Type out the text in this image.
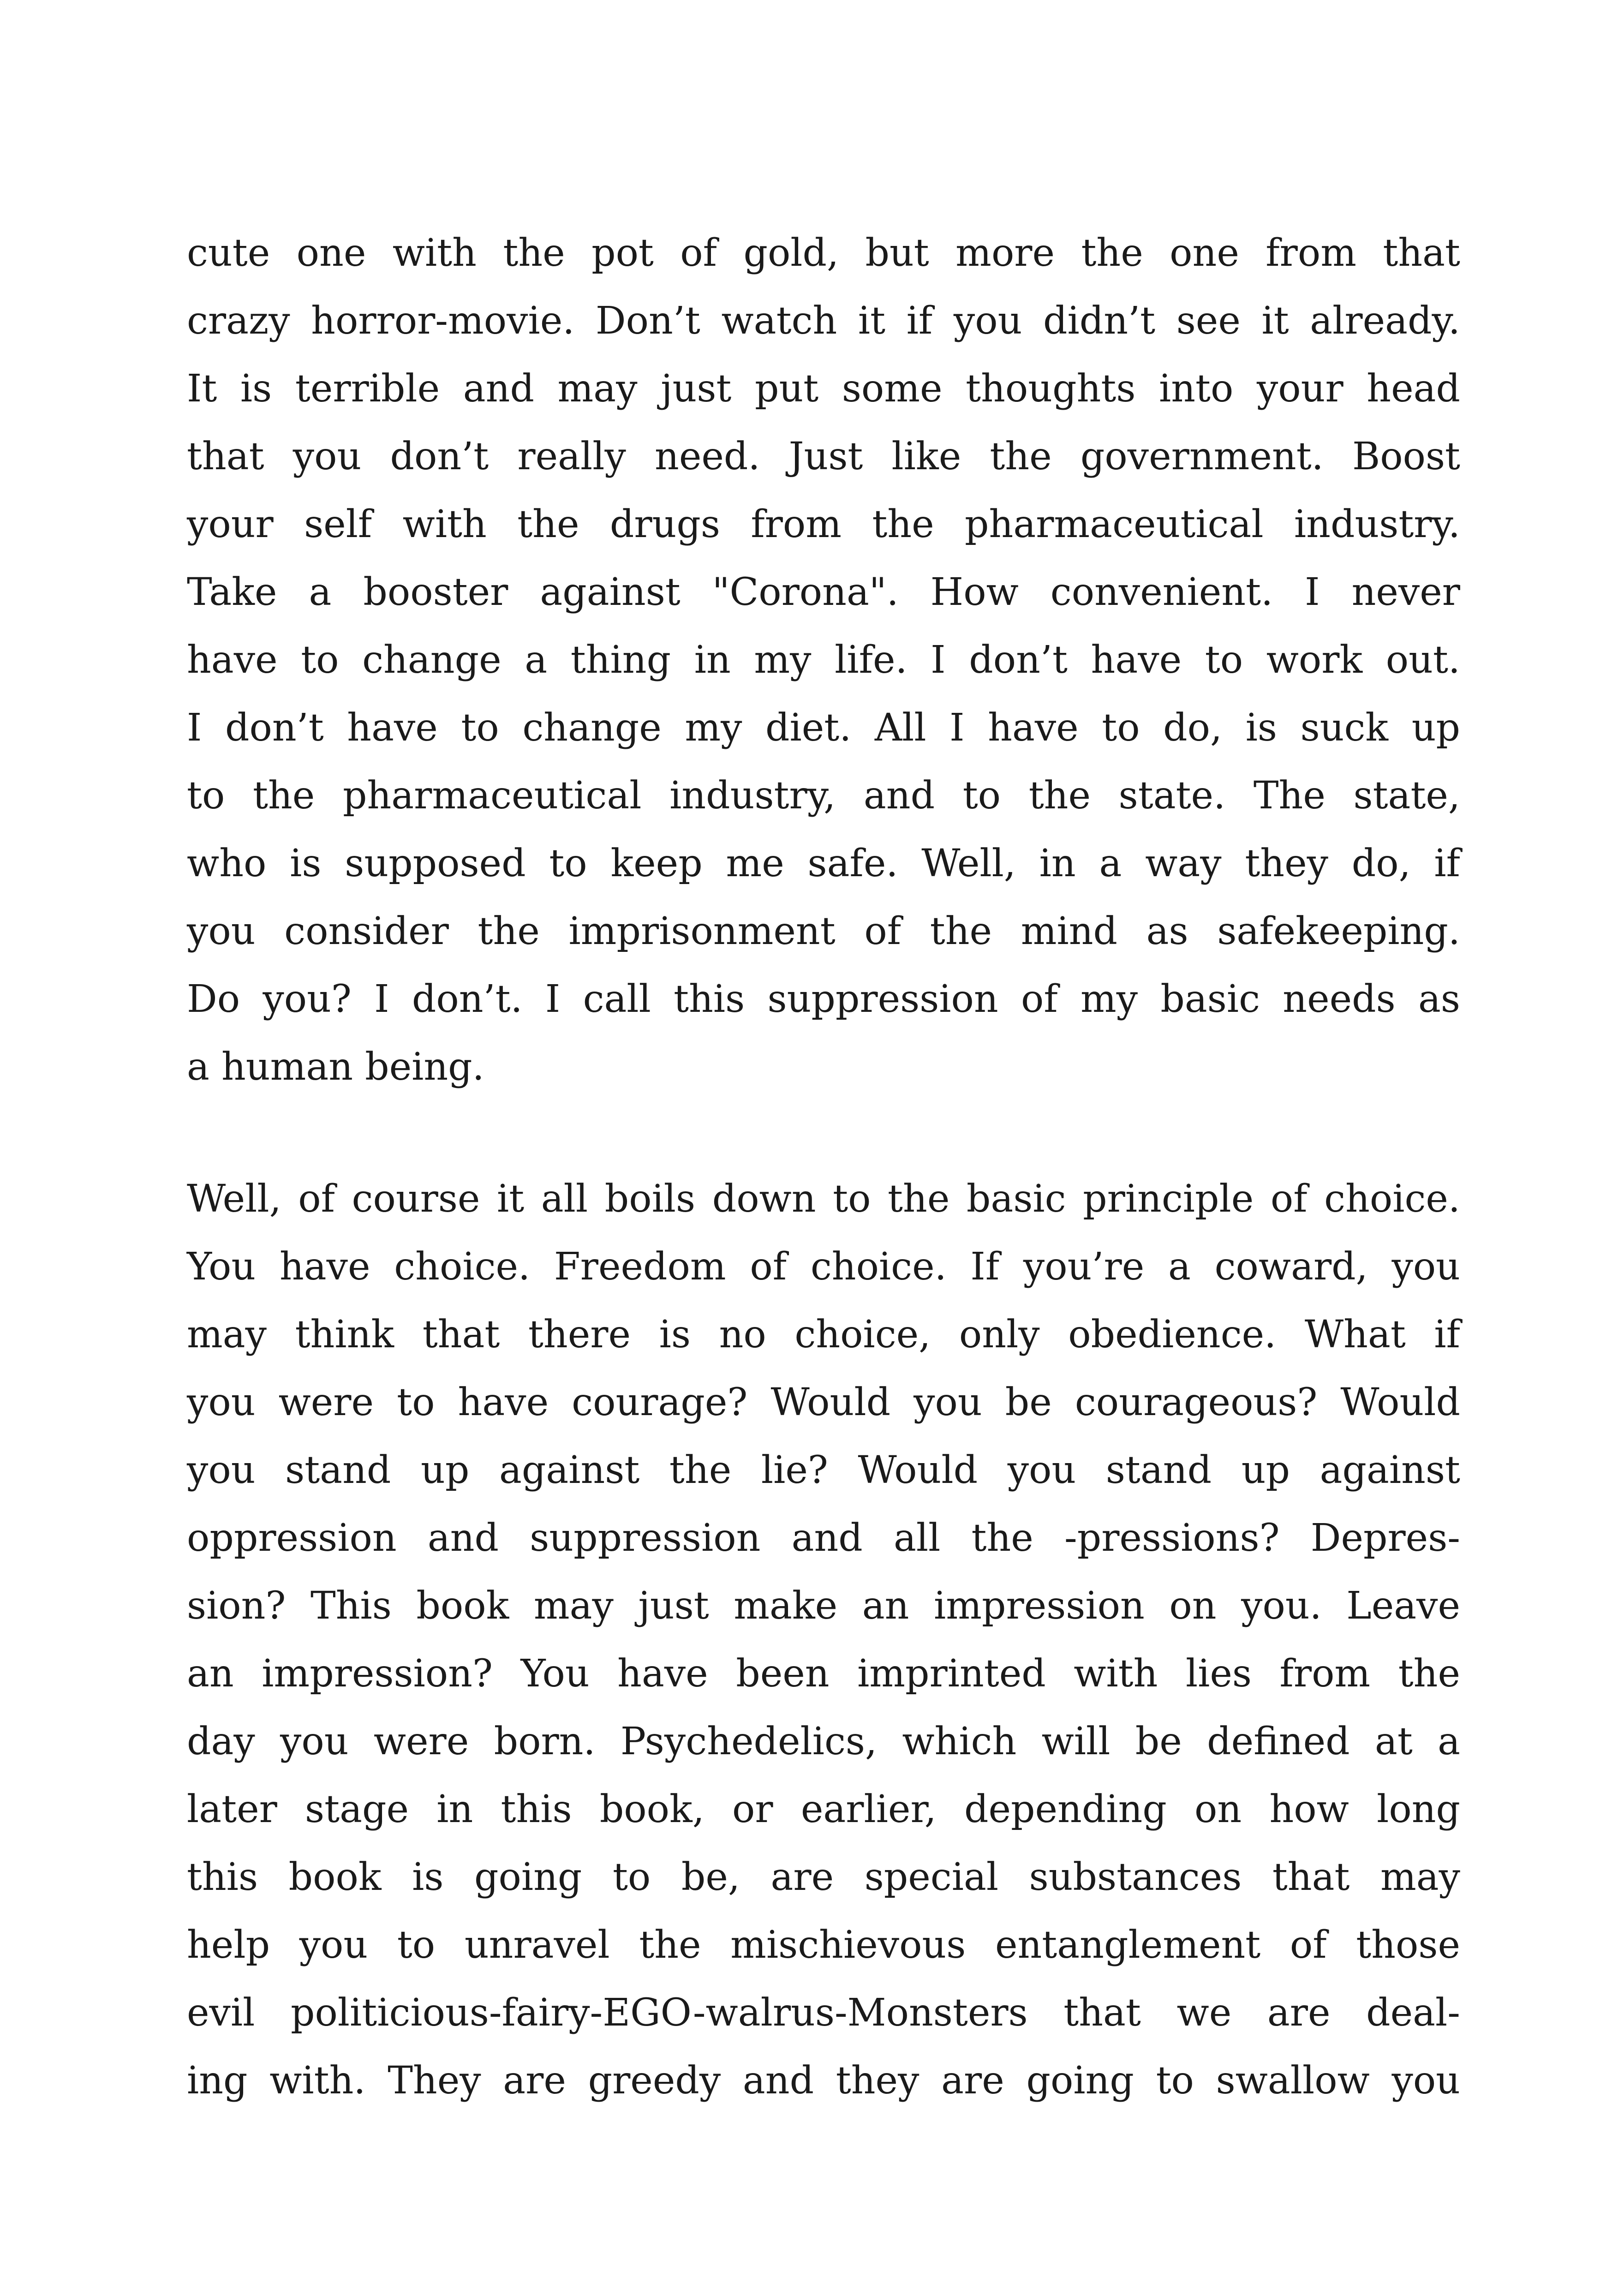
cute one with the pot of gold, but more the one from that
crazy horror-movie. Don’t watch it if you didn’t see it already.
It is terrible and may just put some thoughts into your head
that you don’t really need. Just like the government. Boost
your self with the drugs from the pharmaceutical industry.
Take a booster against "Corona". How convenient. I never
have to change a thing in my life. I don’t have to work out.
I don’t have to change my diet. All I have to do, is suck up
to the pharmaceutical industry, and to the state. The state,
who is supposed to keep me safe. Well, in a way they do, if
you consider the imprisonment of the mind as safekeeping.
Do you? I don’t. I call this suppression of my basic needs as
a human being.
Well, of course it all boils down to the basic principle of choice.
You have choice. Freedom of choice. If you’re a coward, you
may think that there is no choice, only obedience. What if
you were to have courage? Would you be courageous? Would
you stand up against the lie? Would you stand up against
oppression and suppression and all the -pressions? Depres-
sion? This book may just make an impression on you. Leave
an impression? You have been imprinted with lies from the
day you were born. Psychedelics, which will be defined at a
later stage in this book, or earlier, depending on how long
this book is going to be, are special substances that may
help you to unravel the mischievous entanglement of those
evil politicious-fairy-EGO-walrus-Monsters that we are deal-
ing with. They are greedy and they are going to swallow you
